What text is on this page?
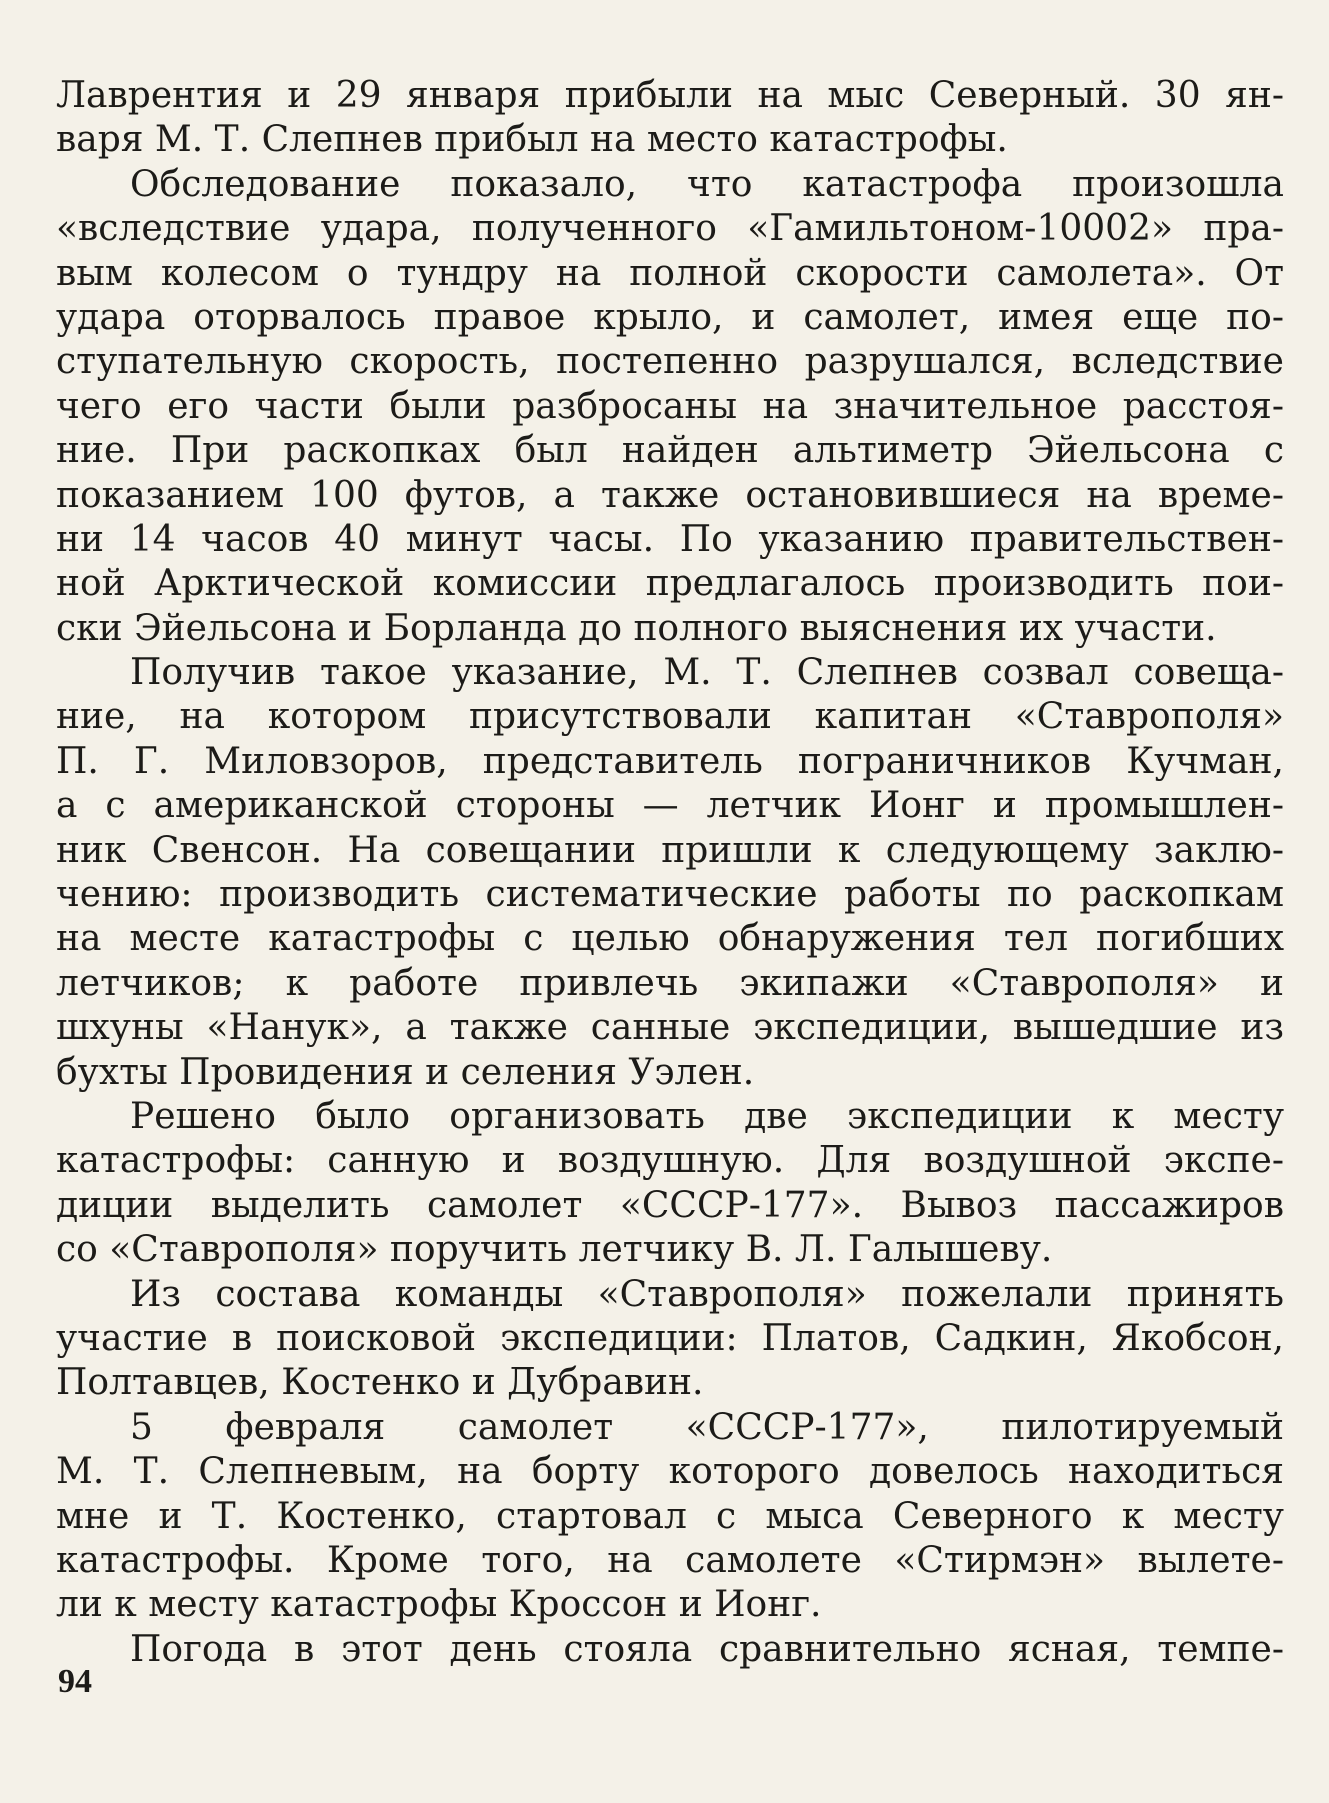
Лаврентия и 29 января прибыли на мыс Северный. 30 ян-
варя М. Т. Слепнев прибыл на место катастрофы.
Обследование показало, что катастрофа произошла
«вследствие удара, полученного «Гамильтоном-10002» пра-
вым колесом о тундру на полной скорости самолета». От
удара оторвалось правое крыло, и самолет, имея еще по-
ступательную скорость, постепенно разрушался, вследствие
чего его части были разбросаны на значительное расстоя-
ние. При раскопках был найден альтиметр Эйельсона с
показанием 100 футов, а также остановившиеся на време-
ни 14 часов 40 минут часы. По указанию правительствен-
ной Арктической комиссии предлагалось производить пои-
ски Эйельсона и Борланда до полного выяснения их участи.
Получив такое указание, М. Т. Слепнев созвал совеща-
ние, на котором присутствовали капитан «Ставрополя»
П. Г. Миловзоров, представитель пограничников Кучман,
а с американской стороны — летчик Ионг и промышлен-
ник Свенсон. На совещании пришли к следующему заклю-
чению: производить систематические работы по раскопкам
на месте катастрофы с целью обнаружения тел погибших
летчиков; к работе привлечь экипажи «Ставрополя» и
шхуны «Нанук», а также санные экспедиции, вышедшие из
бухты Провидения и селения Уэлен.
Решено было организовать две экспедиции к месту
катастрофы: санную и воздушную. Для воздушной экспе-
диции выделить самолет «СССР-177». Вывоз пассажиров
со «Ставрополя» поручить летчику В. Л. Галышеву.
Из состава команды «Ставрополя» пожелали принять
участие в поисковой экспедиции: Платов, Садкин, Якобсон,
Полтавцев, Костенко и Дубравин.
5 февраля самолет «СССР-177», пилотируемый
М. Т. Слепневым, на борту которого довелось находиться
мне и Т. Костенко, стартовал с мыса Северного к месту
катастрофы. Кроме того, на самолете «Стирмэн» вылете-
ли к месту катастрофы Кроссон и Ионг.
Погода в этот день стояла сравнительно ясная, темпе-
94
